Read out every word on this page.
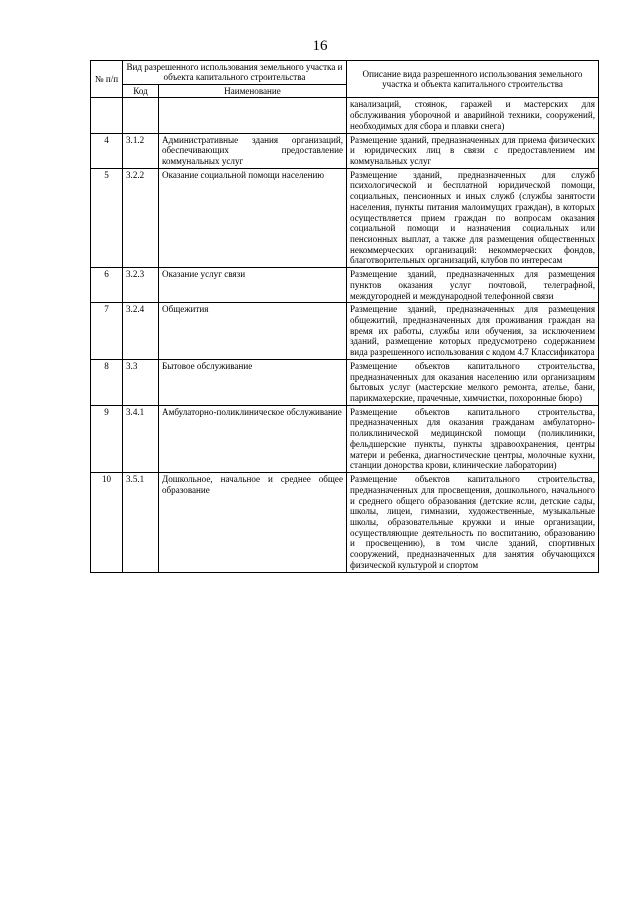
16
№ п/п	Вид разрешенного использования земельного участка и объекта капитального строительства		Описание вида разрешенного использования земельного участка и объекта капитального строительства
	Код	Наименование	
			канализаций, стоянок, гаражей и мастерских для обслуживания уборочной и аварийной техники, сооружений, необходимых для сбора и плавки снега)
4	3.1.2	Административные здания организаций, обеспечивающих предоставление коммунальных услуг	Размещение зданий, предназначенных для приема физических и юридических лиц в связи с предоставлением им коммунальных услуг
5	3.2.2	Оказание социальной помощи населению	Размещение зданий, предназначенных для служб психологической и бесплатной юридической помощи, социальных, пенсионных и иных служб (службы занятости населения, пункты питания малоимущих граждан), в которых осуществляется прием граждан по вопросам оказания социальной помощи и назначения социальных или пенсионных выплат, а также для размещения общественных некоммерческих организаций: некоммерческих фондов, благотворительных организаций, клубов по интересам
6	3.2.3	Оказание услуг связи	Размещение зданий, предназначенных для размещения пунктов оказания услуг почтовой, телеграфной, междугородней и международной телефонной связи
7	3.2.4	Общежития	Размещение зданий, предназначенных для размещения общежитий, предназначенных для проживания граждан на время их работы, службы или обучения, за исключением зданий, размещение которых предусмотрено содержанием вида разрешенного использования с кодом 4.7 Классификатора
8	3.3	Бытовое обслуживание	Размещение объектов капитального строительства, предназначенных для оказания населению или организациям бытовых услуг (мастерские мелкого ремонта, ателье, бани, парикмахерские, прачечные, химчистки, похоронные бюро)
9	3.4.1	Амбулаторно-поликлиническое обслуживание	Размещение объектов капитального строительства, предназначенных для оказания гражданам амбулаторно-поликлинической медицинской помощи (поликлиники, фельдшерские пункты, пункты здравоохранения, центры матери и ребенка, диагностические центры, молочные кухни, станции донорства крови, клинические лаборатории)
10	3.5.1	Дошкольное, начальное и среднее общее образование	Размещение объектов капитального строительства, предназначенных для просвещения, дошкольного, начального и среднего общего образования (детские ясли, детские сады, школы, лицеи, гимназии, художественные, музыкальные школы, образовательные кружки и иные организации, осуществляющие деятельность по воспитанию, образованию и просвещению), в том числе зданий, спортивных сооружений, предназначенных для занятия обучающихся физической культурой и спортом
